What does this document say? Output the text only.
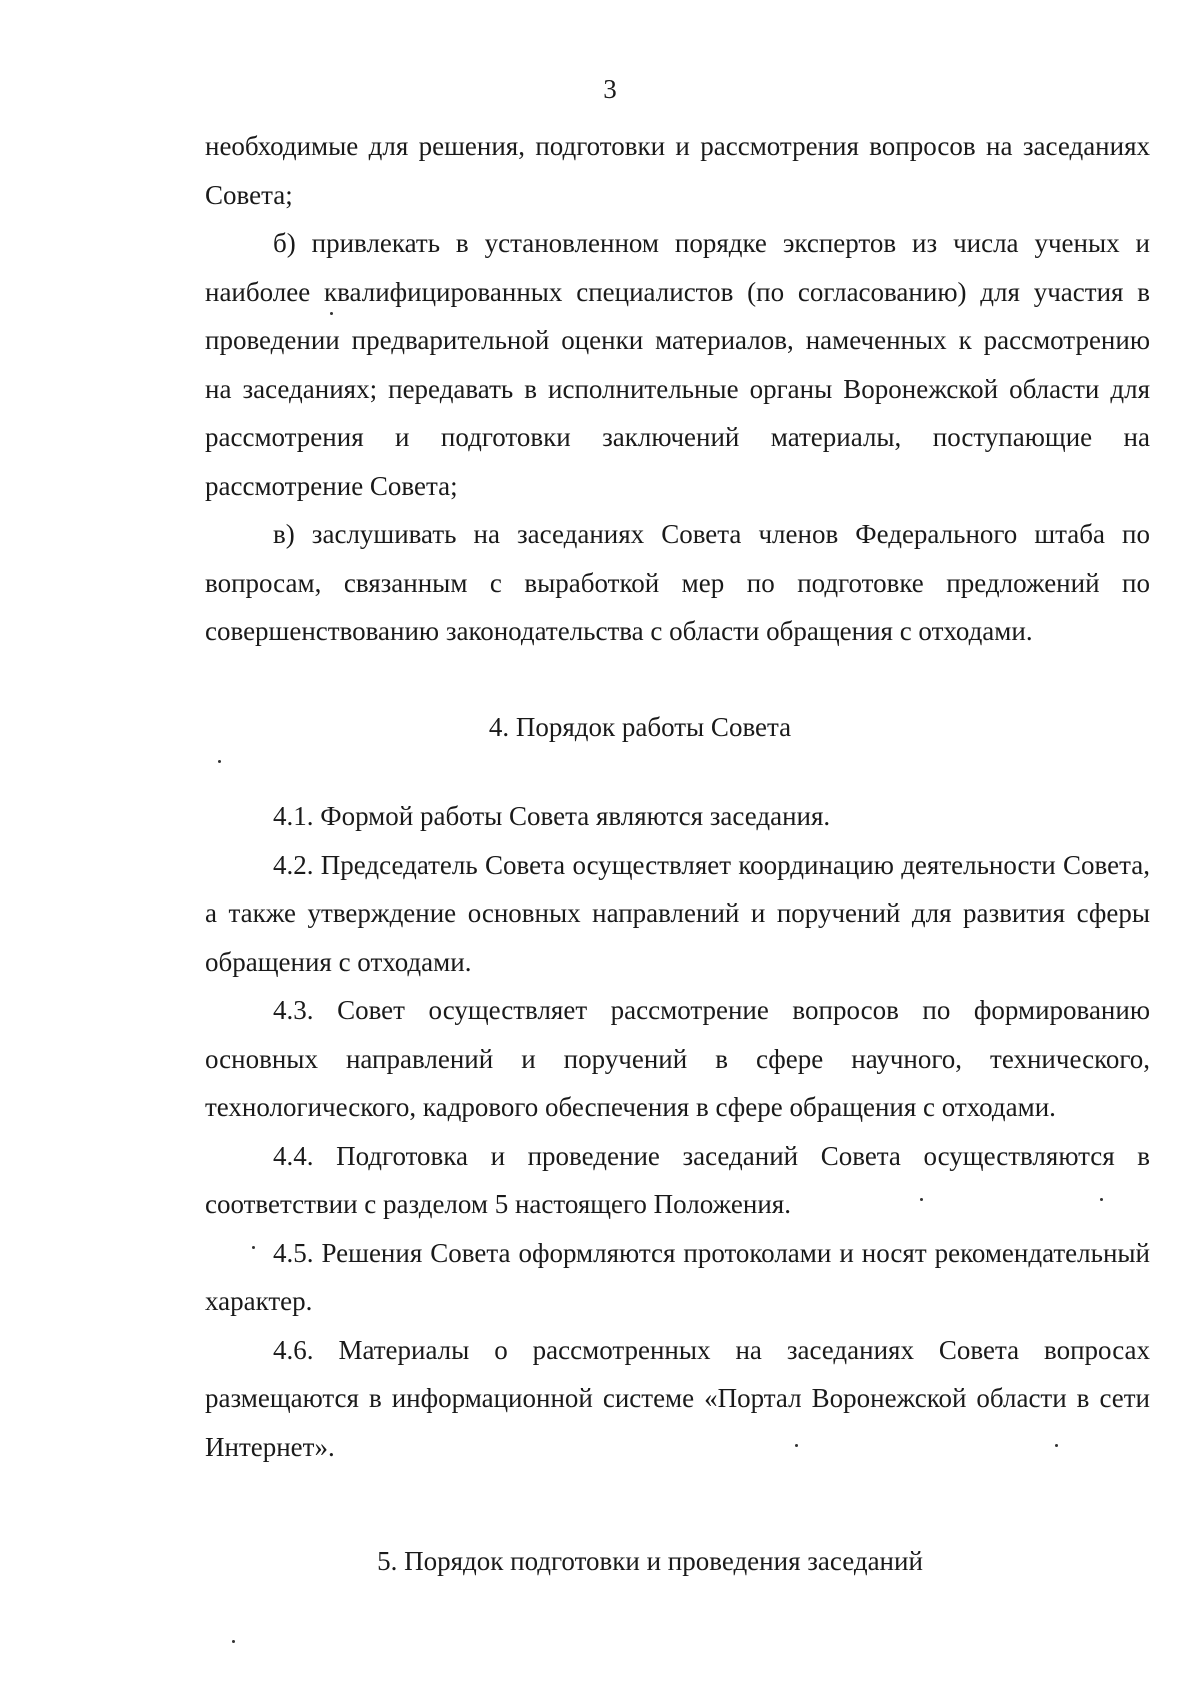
3

необходимые для решения, подготовки и рассмотрения вопросов на заседаниях Совета;

б) привлекать в установленном порядке экспертов из числа ученых и наиболее квалифицированных специалистов (по согласованию) для участия в проведении предварительной оценки материалов, намеченных к рассмотрению на заседаниях; передавать в исполнительные органы Воронежской области для рассмотрения и подготовки заключений материалы, поступающие на рассмотрение Совета;

в) заслушивать на заседаниях Совета членов Федерального штаба по вопросам, связанным с выработкой мер по подготовке предложений по совершенствованию законодательства с области обращения с отходами.

4. Порядок работы Совета

4.1. Формой работы Совета являются заседания.

4.2. Председатель Совета осуществляет координацию деятельности Совета, а также утверждение основных направлений и поручений для развития сферы обращения с отходами.

4.3. Совет осуществляет рассмотрение вопросов по формированию основных направлений и поручений в сфере научного, технического, технологического, кадрового обеспечения в сфере обращения с отходами.

4.4. Подготовка и проведение заседаний Совета осуществляются в соответствии с разделом 5 настоящего Положения.

4.5. Решения Совета оформляются протоколами и носят рекомендательный характер.

4.6. Материалы о рассмотренных на заседаниях Совета вопросах размещаются в информационной системе «Портал Воронежской области в сети Интернет».

5. Порядок подготовки и проведения заседаний
